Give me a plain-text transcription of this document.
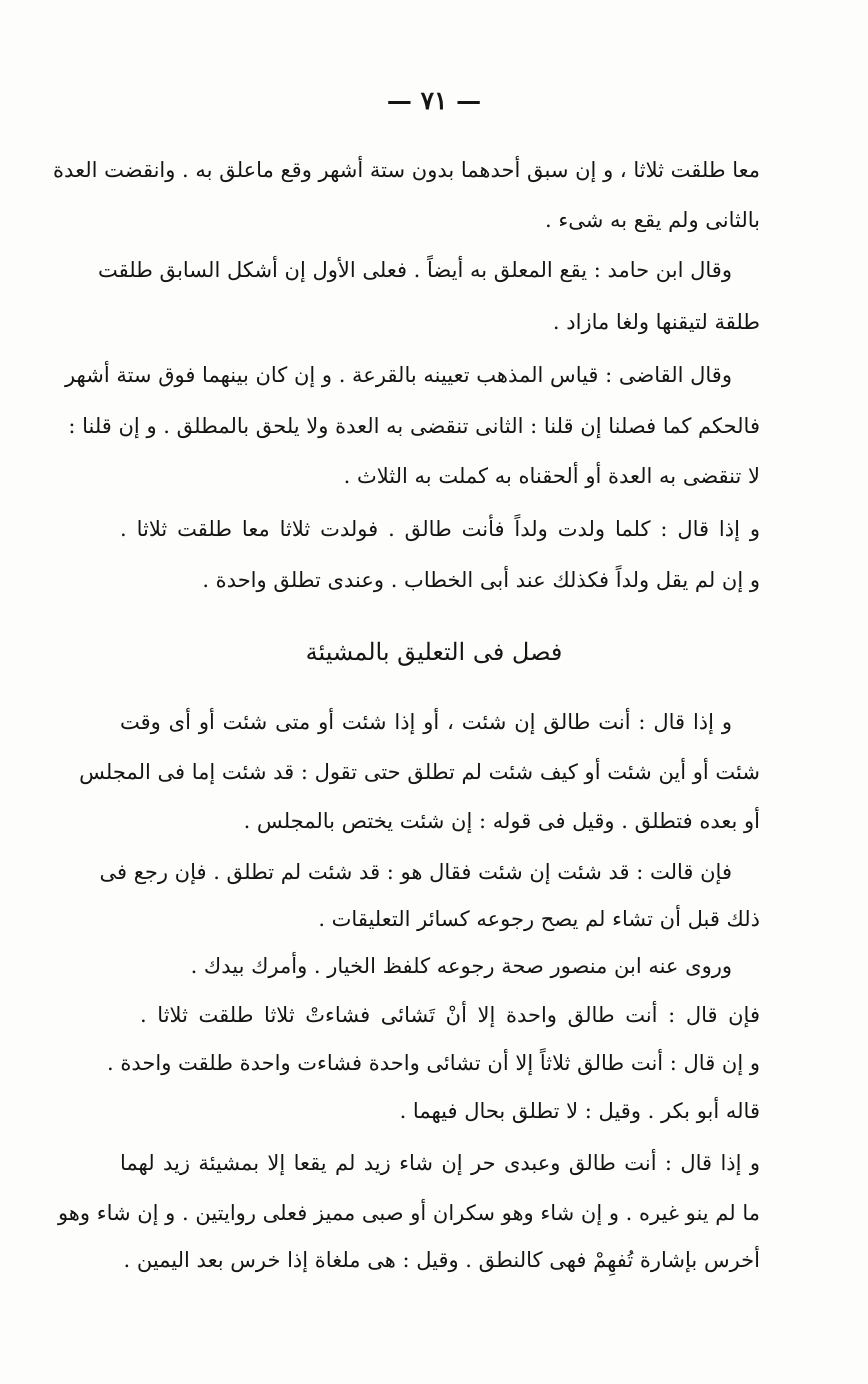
— ٧١ —
معا طلقت ثلاثا ، و إن سبق أحدهما بدون ستة أشهر وقع ماعلق به . وانقضت العدة
بالثانى ولم يقع به شىء .
وقال ابن حامد : يقع المعلق به أيضاً . فعلى الأول إن أشكل السابق طلقت
طلقة لتيقنها ولغا مازاد .
وقال القاضى : قياس المذهب تعيينه بالقرعة . و إن كان بينهما فوق ستة أشهر
فالحكم كما فصلنا إن قلنا : الثانى تنقضى به العدة ولا يلحق بالمطلق . و إن قلنا :
لا تنقضى به العدة أو ألحقناه به كملت به الثلاث .
و إذا قال : كلما ولدت ولداً فأنت طالق . فولدت ثلاثا معا طلقت ثلاثا .
و إن لم يقل ولداً فكذلك عند أبى الخطاب . وعندى تطلق واحدة .
فصل فى التعليق بالمشيئة
و إذا قال : أنت طالق إن شئت ، أو إذا شئت أو متى شئت أو أى وقت
شئت أو أين شئت أو كيف شئت لم تطلق حتى تقول : قد شئت إما فى المجلس
أو بعده فتطلق . وقيل فى قوله : إن شئت يختص بالمجلس .
فإن قالت : قد شئت إن شئت فقال هو : قد شئت لم تطلق . فإن رجع فى
ذلك قبل أن تشاء لم يصح رجوعه كسائر التعليقات .
وروى عنه ابن منصور صحة رجوعه كلفظ الخيار . وأمرك بيدك .
فإن قال : أنت طالق واحدة إلا أنْ تَشائى فشاءتْ ثلاثا طلقت ثلاثا .
و إن قال : أنت طالق ثلاثاً إلا أن تشائى واحدة فشاءت واحدة طلقت واحدة .
قاله أبو بكر . وقيل : لا تطلق بحال فيهما .
و إذا قال : أنت طالق وعبدى حر إن شاء زيد لم يقعا إلا بمشيئة زيد لهما
ما لم ينو غيره . و إن شاء وهو سكران أو صبى مميز فعلى روايتين . و إن شاء وهو
أخرس بإشارة تُفهِمْ فهى كالنطق . وقيل : هى ملغاة إذا خرس بعد اليمين .
